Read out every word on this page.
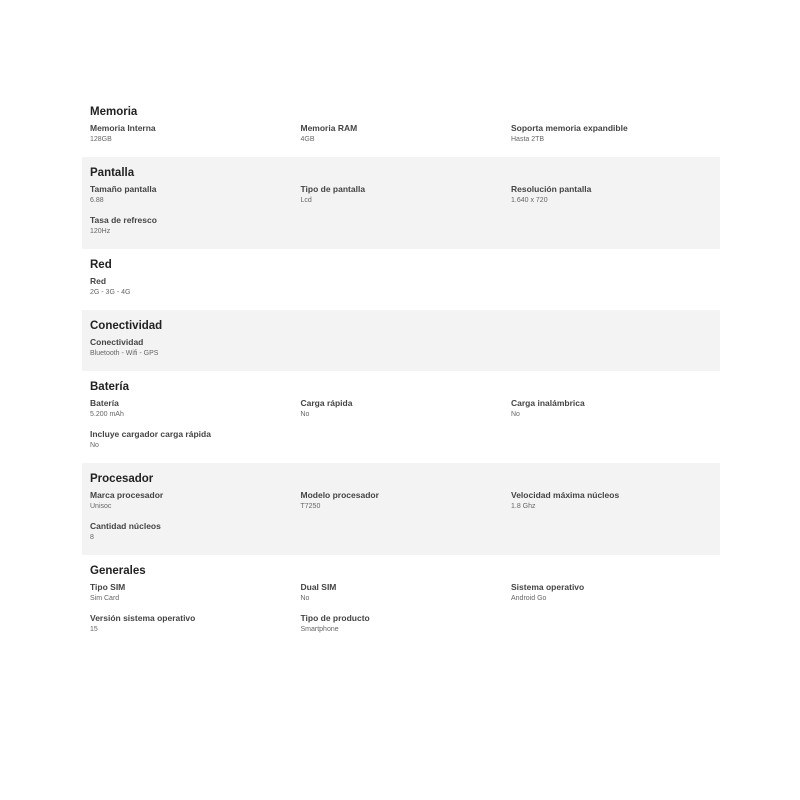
Memoria
Memoria Interna
128GB
Memoria RAM
4GB
Soporta memoria expandible
Hasta 2TB
Pantalla
Tamaño pantalla
6.88
Tipo de pantalla
Lcd
Resolución pantalla
1.640 x 720
Tasa de refresco
120Hz
Red
Red
2G - 3G - 4G
Conectividad
Conectividad
Bluetooth - Wifi - GPS
Batería
Batería
5.200 mAh
Carga rápida
No
Carga inalámbrica
No
Incluye cargador carga rápida
No
Procesador
Marca procesador
Unisoc
Modelo procesador
T7250
Velocidad máxima núcleos
1.8 Ghz
Cantidad núcleos
8
Generales
Tipo SIM
Sim Card
Dual SIM
No
Sistema operativo
Android Go
Versión sistema operativo
15
Tipo de producto
Smartphone
